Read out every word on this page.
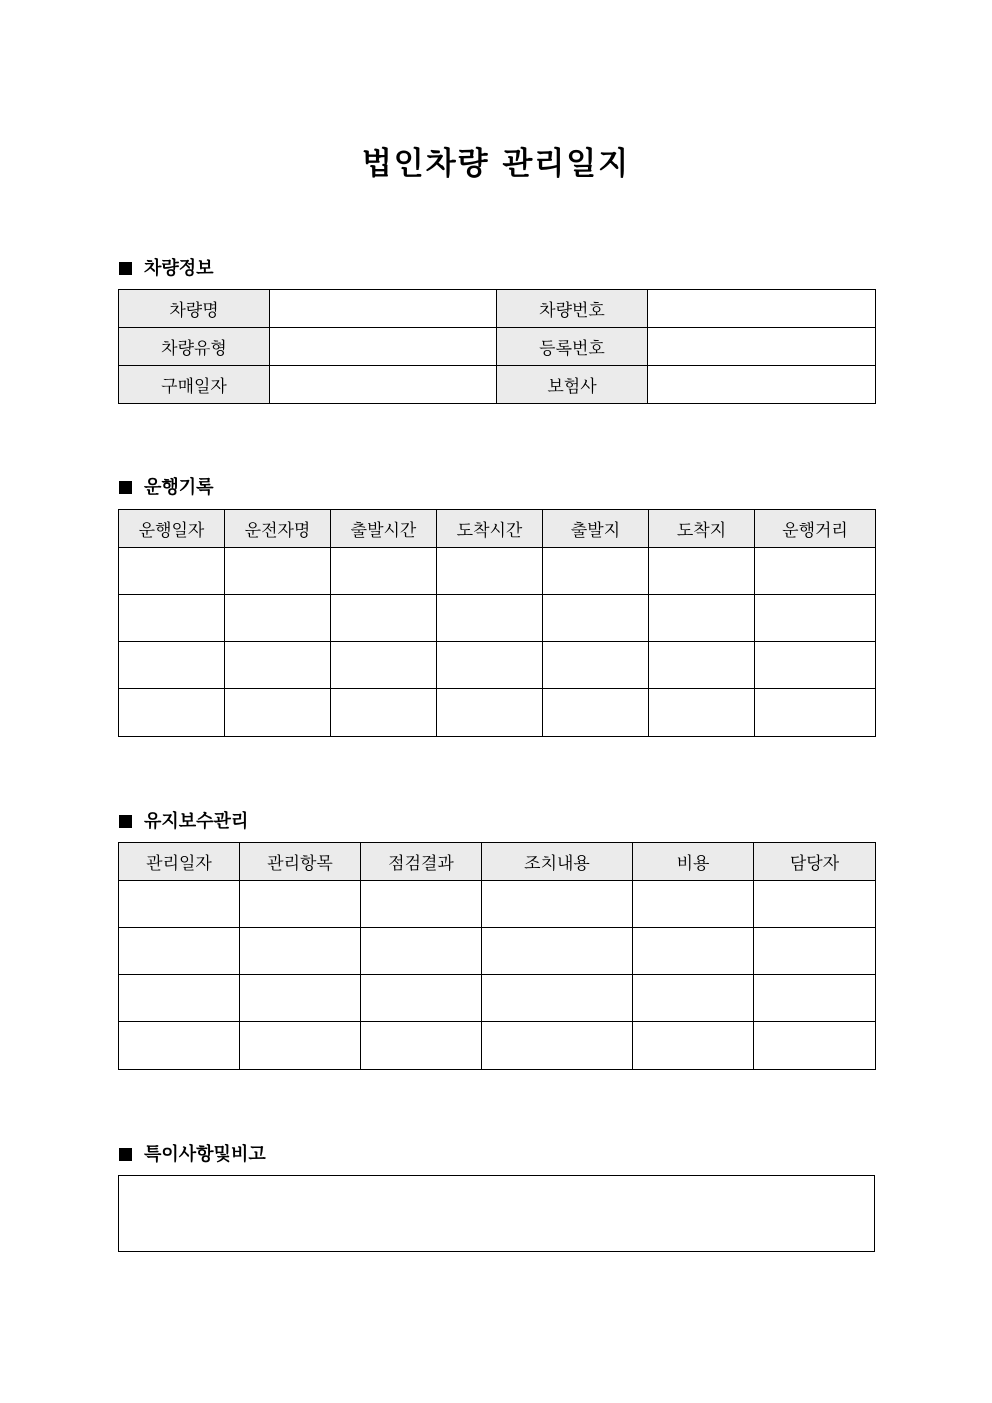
법인차량 관리일지
차량정보
차량명		차량번호	
차량유형		등록번호	
구매일자		보험사	
운행기록
운행일자	운전자명	출발시간	도착시간	출발지	도착지	운행거리

유지보수관리
관리일자	관리항목	점검결과	조치내용	비용	담당자

특이사항및비고
